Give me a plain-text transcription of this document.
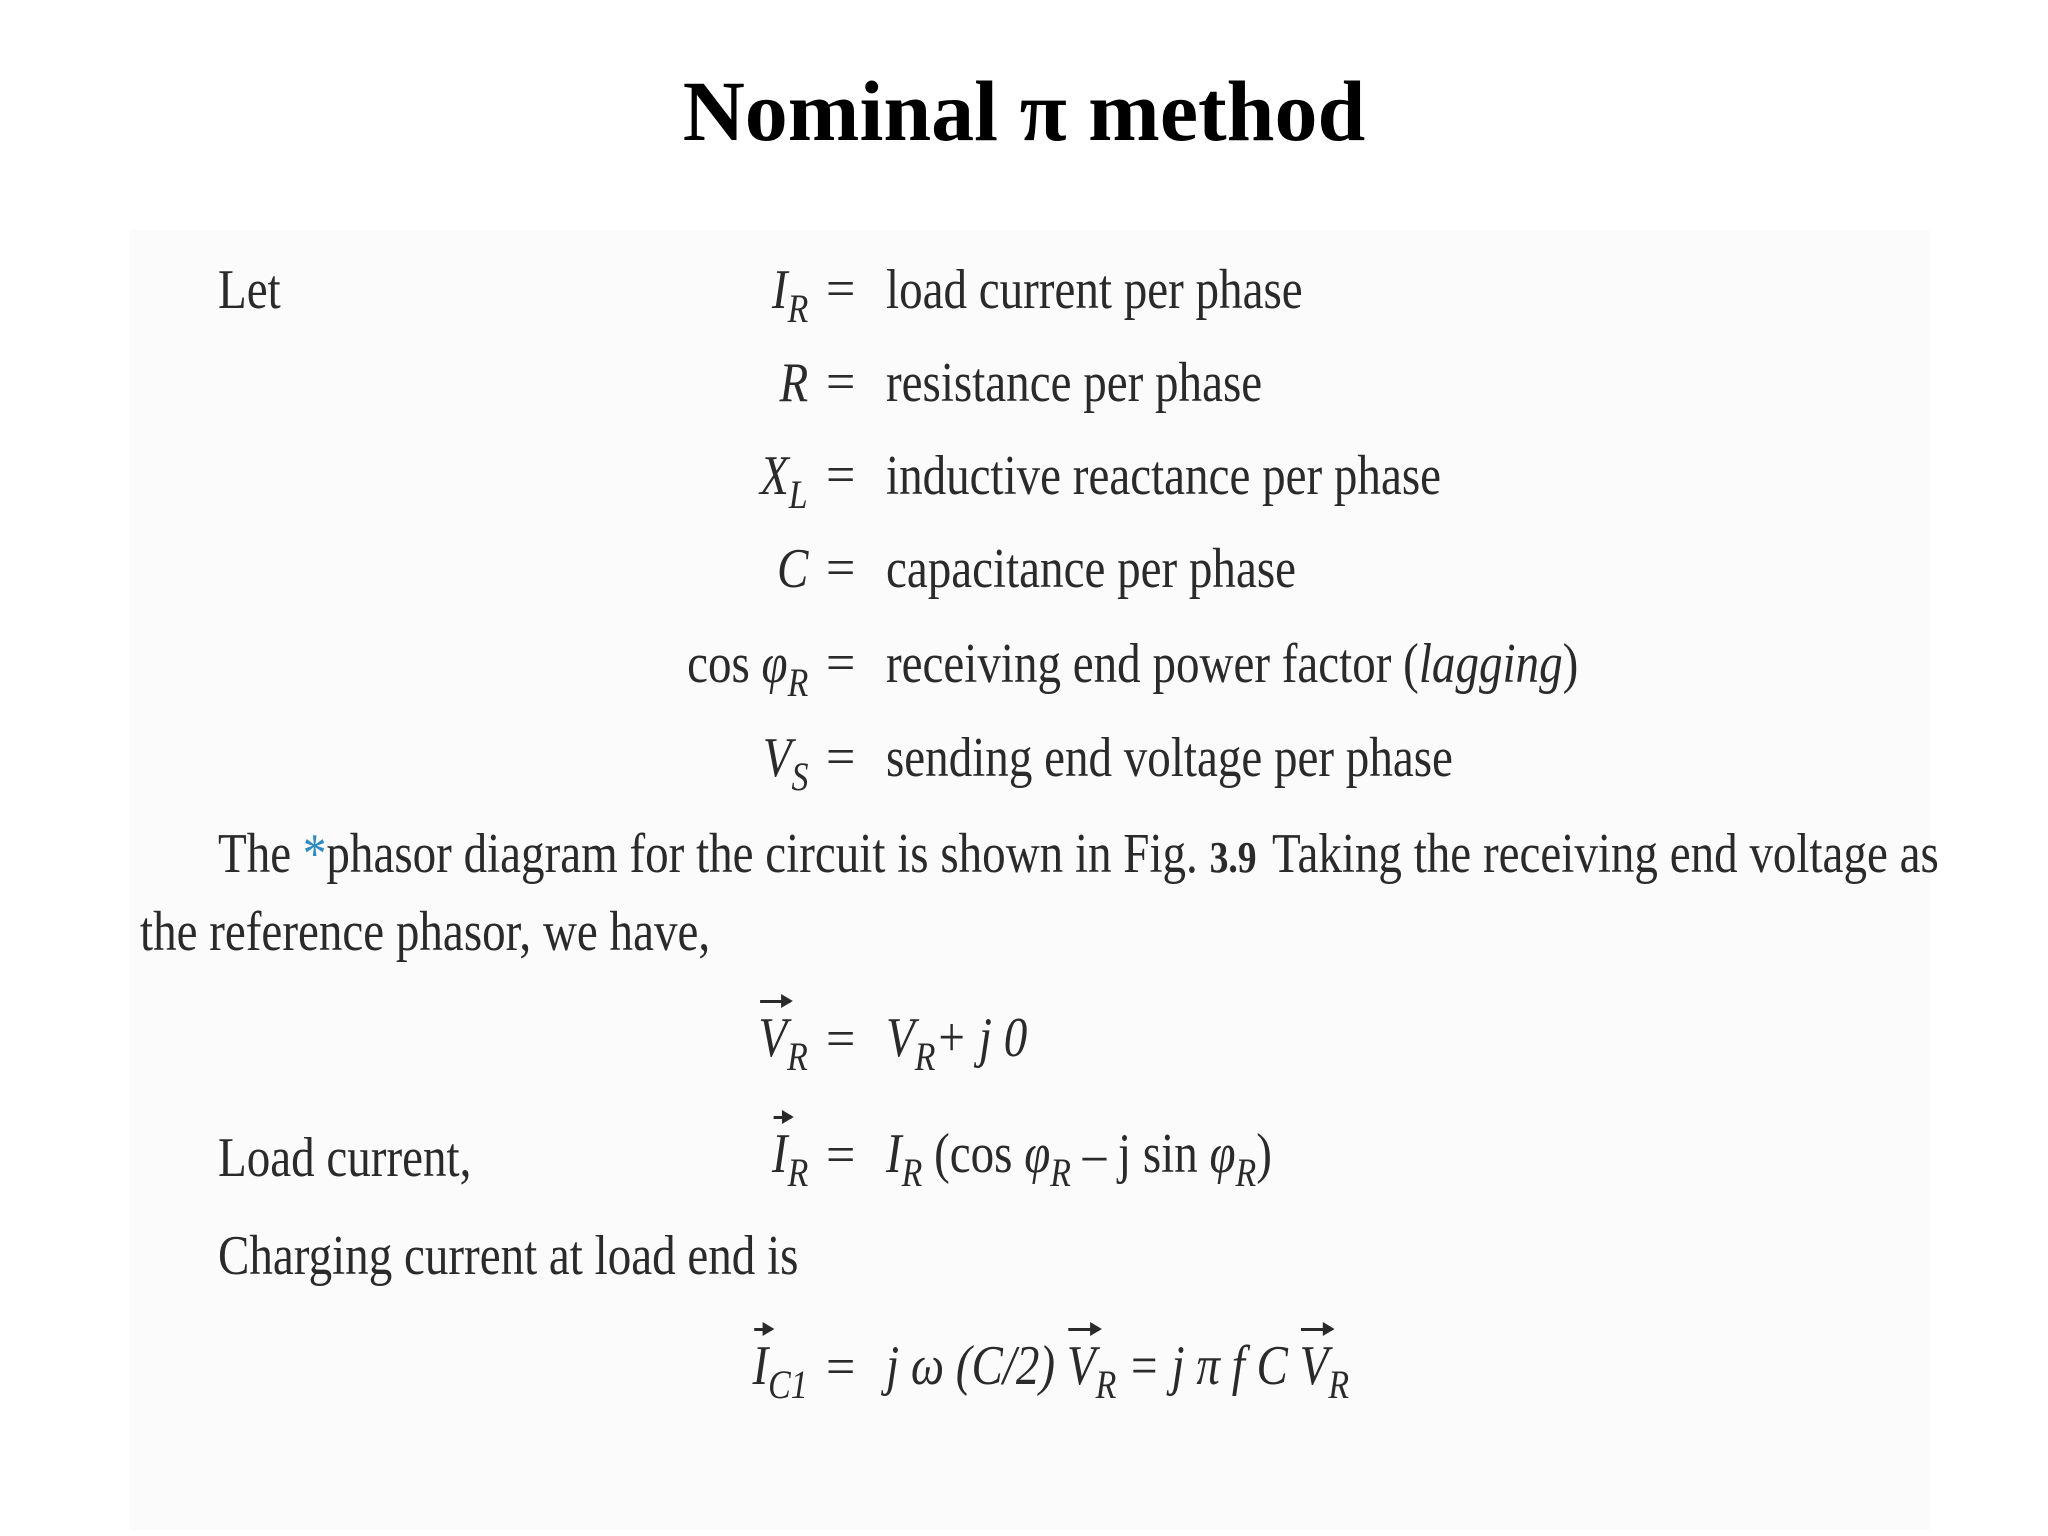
Nominal π method
Let	$I_R$ = load current per phase
R = resistance per phase
$X_L$ = inductive reactance per phase
C = capacitance per phase
$\cos \varphi_R$ = receiving end power factor (lagging)
$V_S$ = sending end voltage per phase
The *phasor diagram for the circuit is shown in Fig. 3.9 Taking the receiving end voltage as
the reference phasor, we have,
$V_R = V_R+ j$ 0
Load current,	$I_R = I_R$ (cos $\varphi_R$ – j $\sin \varphi_R$)
Charging current at load end is
$I_{C1} = j$ ω (C/2) $V_R = j$ π f C $V_R$
